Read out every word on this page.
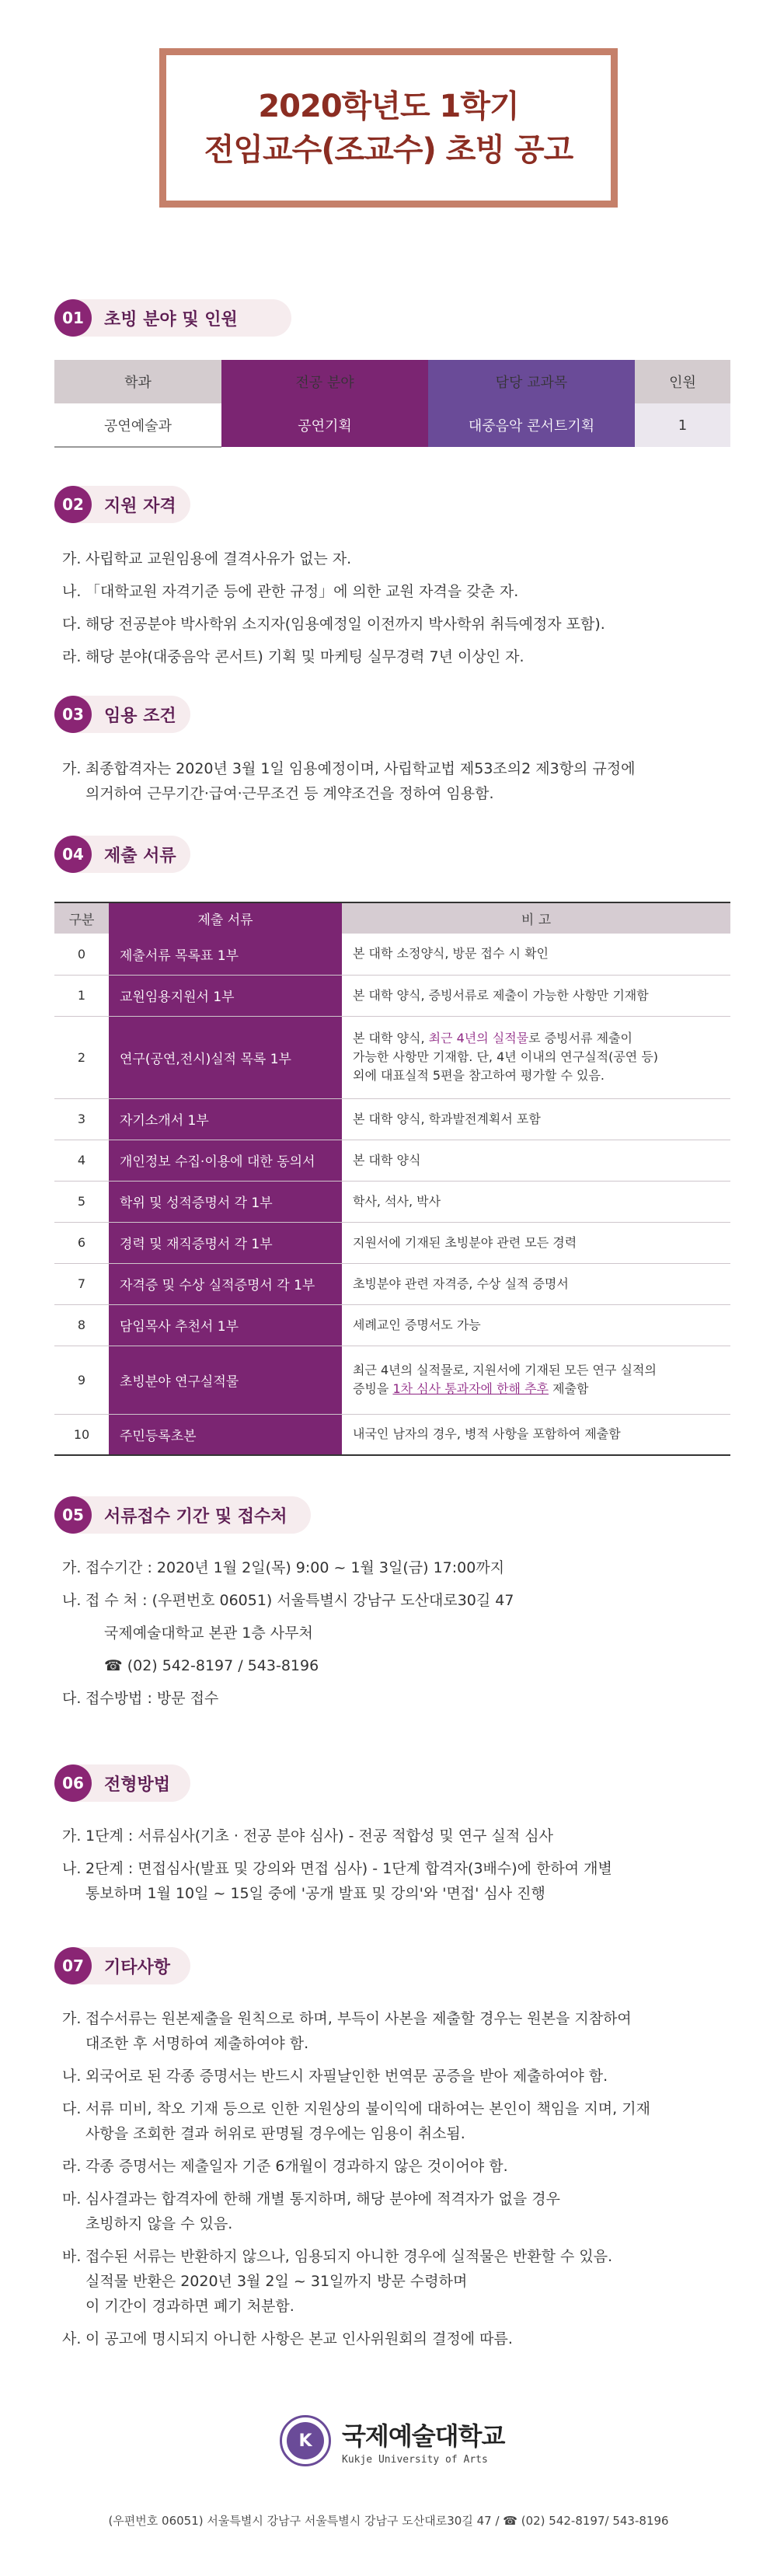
2020학년도 1학기
전임교수(조교수) 초빙 공고
01	초빙 분야 및 인원
학과	전공 분야	담당 교과목	인원
공연예술과	공연기획	대중음악 콘서트기획	1
02	지원 자격
가. 사립학교 교원임용에 결격사유가 없는 자.
나. 「대학교원 자격기준 등에 관한 규정」에 의한 교원 자격을 갖춘 자.
다. 해당 전공분야 박사학위 소지자(임용예정일 이전까지 박사학위 취득예정자 포함).
라. 해당 분야(대중음악 콘서트) 기획 및 마케팅 실무경력 7년 이상인 자.
03	임용 조건
가. 최종합격자는 2020년 3월 1일 임용예정이며, 사립학교법 제53조의2 제3항의 규정에
의거하여 근무기간·급여·근무조건 등 계약조건을 정하여 임용함.
04	제출 서류
구분	제출 서류	비 고
0	제출서류 목록표 1부	본 대학 소정양식, 방문 접수 시 확인
1	교원임용지원서 1부	본 대학 양식, 증빙서류로 제출이 가능한 사항만 기재함
2	연구(공연,전시)실적 목록 1부	본 대학 양식, 최근 4년의 실적물로 증빙서류 제출이
가능한 사항만 기재함. 단, 4년 이내의 연구실적(공연 등)
외에 대표실적 5편을 참고하여 평가할 수 있음.
3	자기소개서 1부	본 대학 양식, 학과발전계획서 포함
4	개인정보 수집·이용에 대한 동의서	본 대학 양식
5	학위 및 성적증명서 각 1부	학사, 석사, 박사
6	경력 및 재직증명서 각 1부	지원서에 기재된 초빙분야 관련 모든 경력
7	자격증 및 수상 실적증명서 각 1부	초빙분야 관련 자격증, 수상 실적 증명서
8	담임목사 추천서 1부	세례교인 증명서도 가능
9	초빙분야 연구실적물	최근 4년의 실적물로, 지원서에 기재된 모든 연구 실적의
증빙을 1차 심사 통과자에 한해 추후 제출함
10	주민등록초본	내국인 남자의 경우, 병적 사항을 포함하여 제출함
05	서류접수 기간 및 접수처
가. 접수기간 : 2020년 1월 2일(목) 9:00 ~ 1월 3일(금) 17:00까지
나. 접 수 처 : (우편번호 06051) 서울특별시 강남구 도산대로30길 47
국제예술대학교 본관 1층 사무처
☎ (02) 542-8197 / 543-8196
다. 접수방법 : 방문 접수
06	전형방법
가. 1단계 : 서류심사(기초 · 전공 분야 심사) - 전공 적합성 및 연구 실적 심사
나. 2단계 : 면접심사(발표 및 강의와 면접 심사) - 1단계 합격자(3배수)에 한하여 개별
통보하며 1월 10일 ~ 15일 중에 '공개 발표 및 강의'와 '면접' 심사 진행
07	기타사항
가. 접수서류는 원본제출을 원칙으로 하며, 부득이 사본을 제출할 경우는 원본을 지참하여
대조한 후 서명하여 제출하여야 함.
나. 외국어로 된 각종 증명서는 반드시 자필날인한 번역문 공증을 받아 제출하여야 함.
다. 서류 미비, 착오 기재 등으로 인한 지원상의 불이익에 대하여는 본인이 책임을 지며, 기재
사항을 조회한 결과 허위로 판명될 경우에는 임용이 취소됨.
라. 각종 증명서는 제출일자 기준 6개월이 경과하지 않은 것이어야 함.
마. 심사결과는 합격자에 한해 개별 통지하며, 해당 분야에 적격자가 없을 경우
초빙하지 않을 수 있음.
바. 접수된 서류는 반환하지 않으나, 임용되지 아니한 경우에 실적물은 반환할 수 있음.
실적물 반환은 2020년 3월 2일 ~ 31일까지 방문 수령하며
이 기간이 경과하면 폐기 처분함.
사. 이 공고에 명시되지 아니한 사항은 본교 인사위원회의 결정에 따름.
K	국제예술대학교
Kukje University of Arts
(우편번호 06051) 서울특별시 강남구 서울특별시 강남구 도산대로30길 47 / ☎ (02) 542-8197/ 543-8196
